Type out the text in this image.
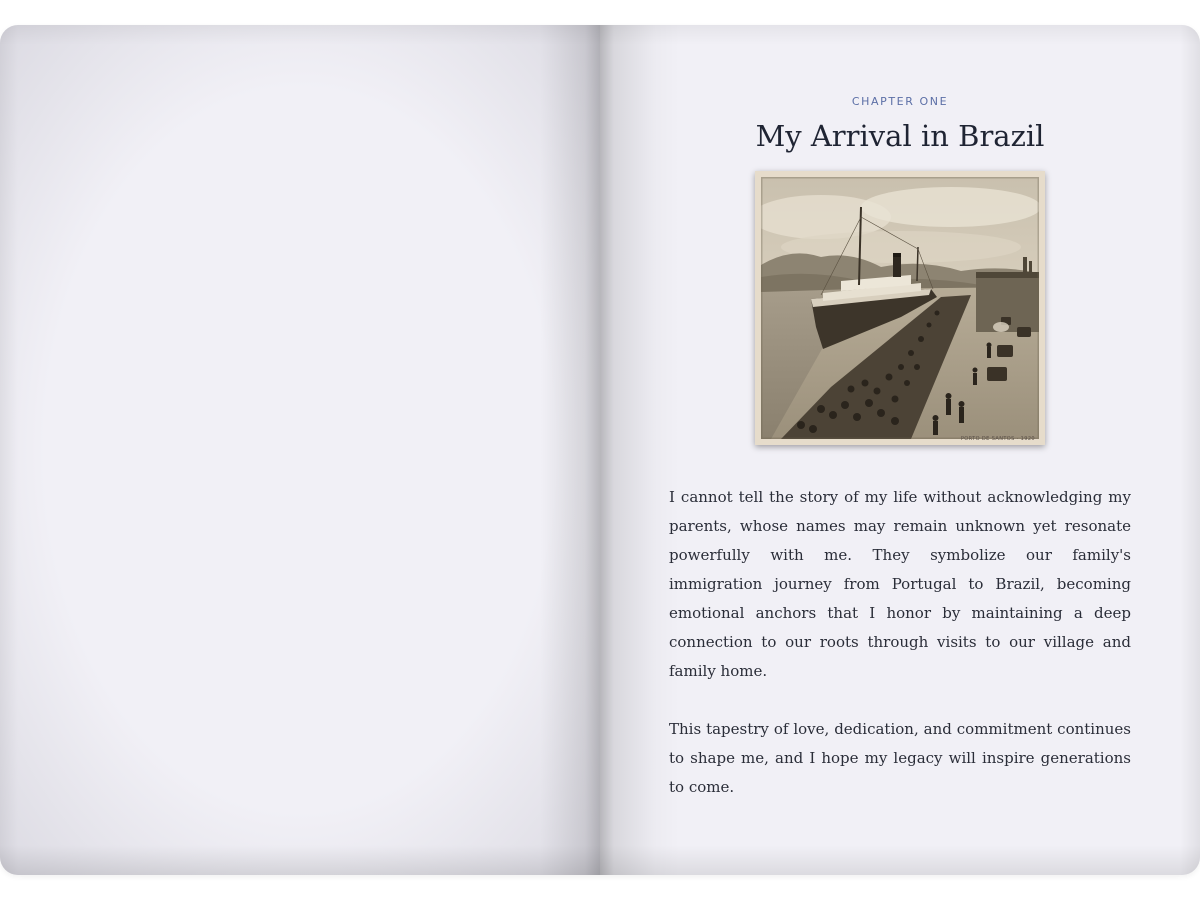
CHAPTER ONE
My Arrival in Brazil
PORTO DE SANTOS · 1920

I cannot tell the story of my life without acknowledging my parents, whose names may remain unknown yet resonate powerfully with me. They symbolize our family's immigration journey from Portugal to Brazil, becoming emotional anchors that I honor by maintaining a deep connection to our roots through visits to our village and family home.

This tapestry of love, dedication, and commitment continues to shape me, and I hope my legacy will inspire generations to come.
